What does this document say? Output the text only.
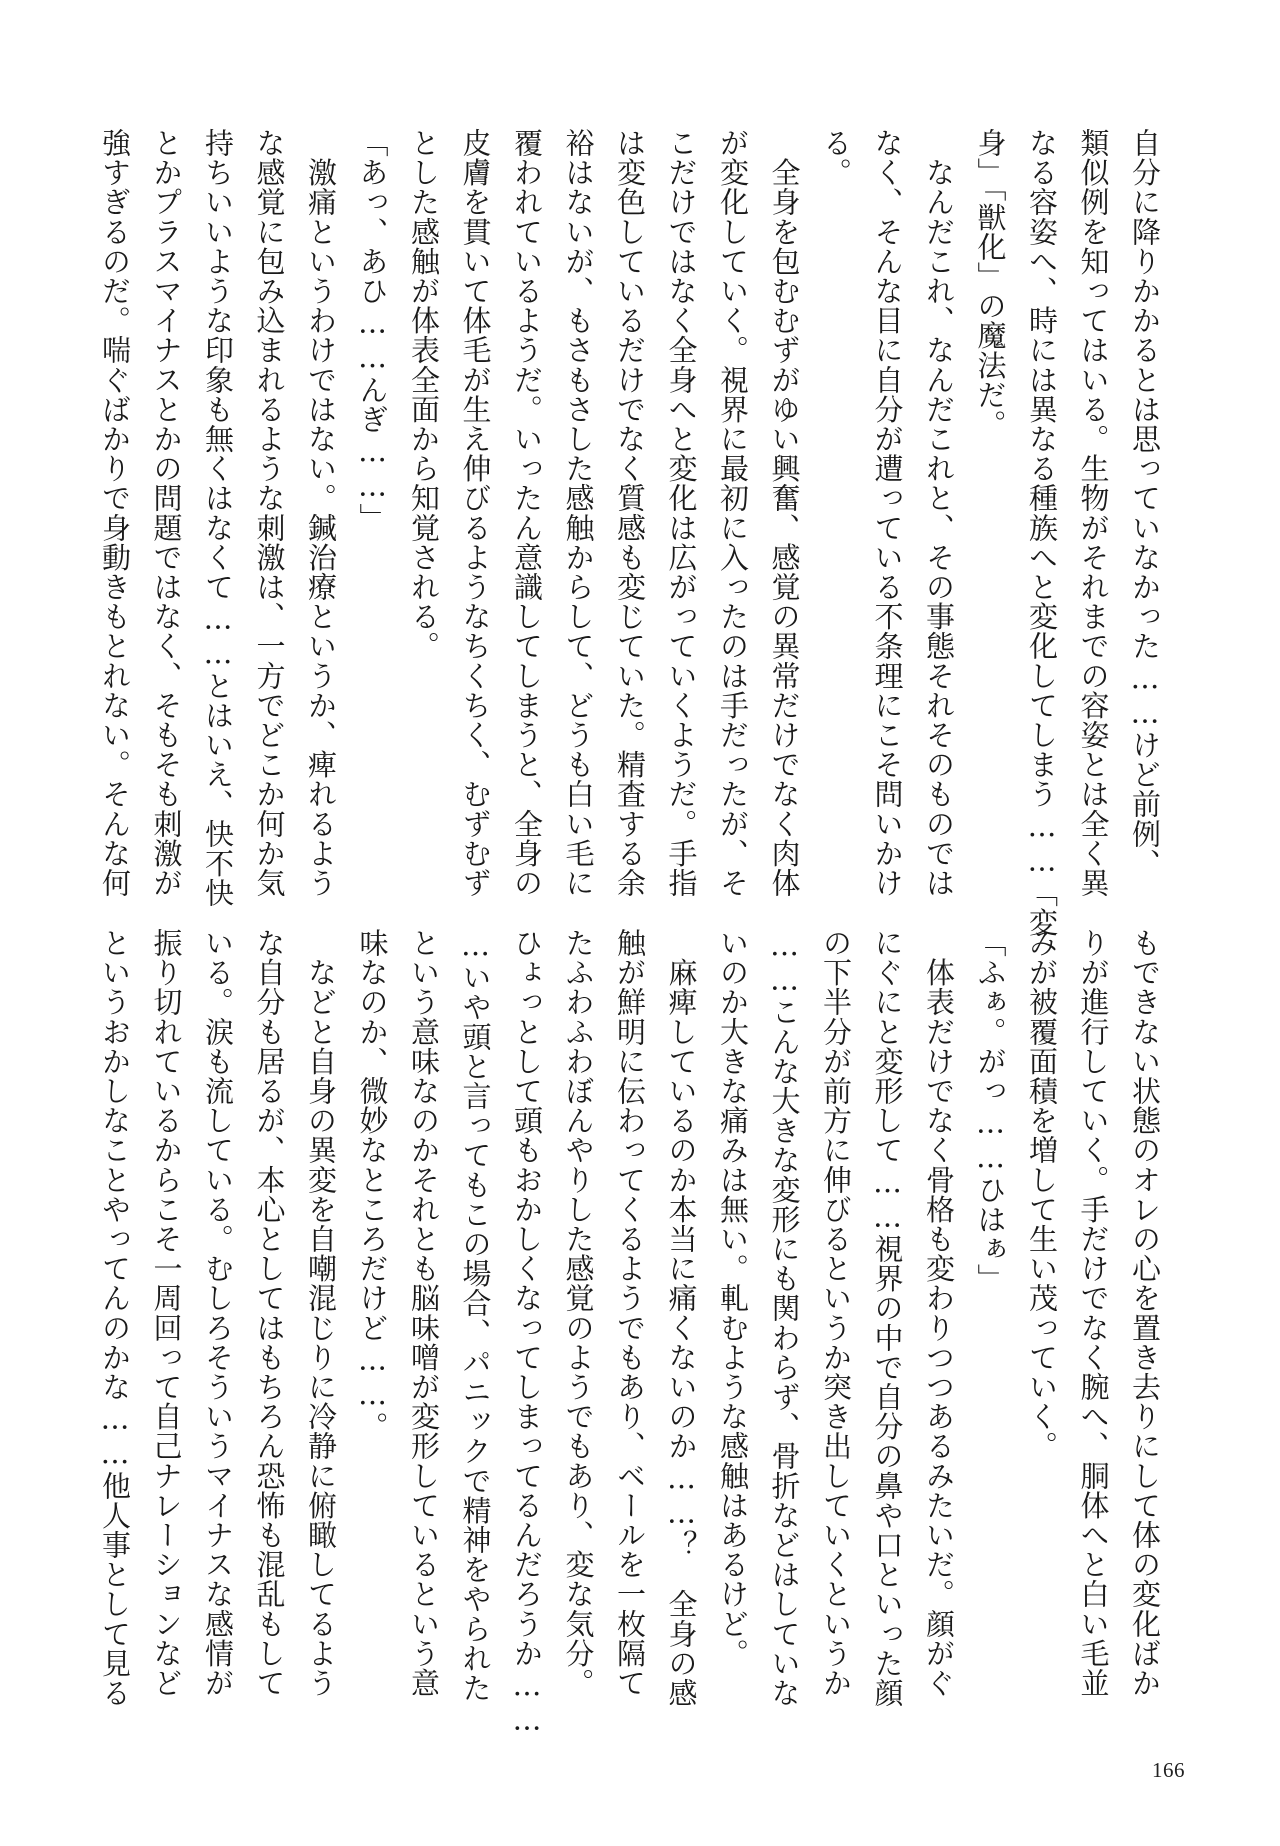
自分に降りかかるとは思っていなかった……けど前例、
類似例を知ってはいる。生物がそれまでの容姿とは全く異
なる容姿へ、時には異なる種族へと変化してしまう……「変
身」「獣化」の魔法だ。
　なんだこれ、なんだこれと、その事態それそのものでは
なく、そんな目に自分が遭っている不条理にこそ問いかけ
る。
　全身を包むむずがゆい興奮、感覚の異常だけでなく肉体
が変化していく。視界に最初に入ったのは手だったが、そ
こだけではなく全身へと変化は広がっていくようだ。手指
は変色しているだけでなく質感も変じていた。精査する余
裕はないが、もさもさした感触からして、どうも白い毛に
覆われているようだ。いったん意識してしまうと、全身の
皮膚を貫いて体毛が生え伸びるようなちくちく、むずむず
とした感触が体表全面から知覚される。
「あっ、あひ……んぎ……」
　激痛というわけではない。鍼治療というか、痺れるよう
な感覚に包み込まれるような刺激は、一方でどこか何か気
持ちいいような印象も無くはなくて……とはいえ、快不快
とかプラスマイナスとかの問題ではなく、そもそも刺激が
強すぎるのだ。喘ぐばかりで身動きもとれない。そんな何
もできない状態のオレの心を置き去りにして体の変化ばか
りが進行していく。手だけでなく腕へ、胴体へと白い毛並
みが被覆面積を増して生い茂っていく。
「ふぁ。がっ……ひはぁ」
　体表だけでなく骨格も変わりつつあるみたいだ。顔がぐ
にぐにと変形して……視界の中で自分の鼻や口といった顔
の下半分が前方に伸びるというか突き出していくというか
……こんな大きな変形にも関わらず、骨折などはしていな
いのか大きな痛みは無い。軋むような感触はあるけど。
　麻痺しているのか本当に痛くないのか……？　全身の感
触が鮮明に伝わってくるようでもあり、ベールを一枚隔て
たふわふわぼんやりした感覚のようでもあり、変な気分。
ひょっとして頭もおかしくなってしまってるんだろうか……
…いや頭と言ってもこの場合、パニックで精神をやられた
という意味なのかそれとも脳味噌が変形しているという意
味なのか、微妙なところだけど……。
　などと自身の異変を自嘲混じりに冷静に俯瞰してるよう
な自分も居るが、本心としてはもちろん恐怖も混乱もして
いる。涙も流している。むしろそういうマイナスな感情が
振り切れているからこそ一周回って自己ナレーションなど
というおかしなことやってんのかな……他人事として見る
166
